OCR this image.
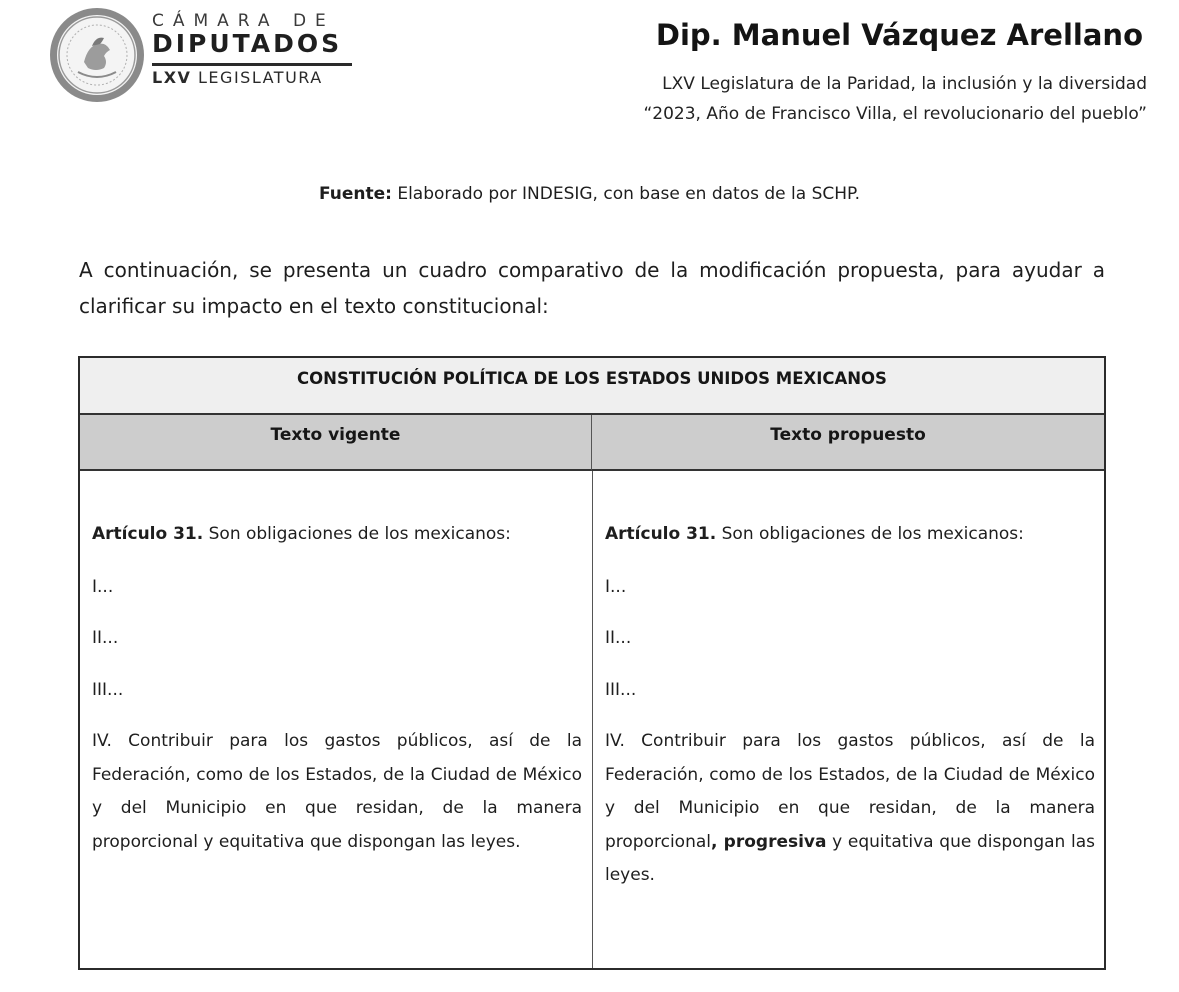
CÁMARA DE
DIPUTADOS
LXV LEGISLATURA
Dip. Manuel Vázquez Arellano
LXV Legislatura de la Paridad, la inclusión y la diversidad
“2023, Año de Francisco Villa, el revolucionario del pueblo”
Fuente: Elaborado por INDESIG, con base en datos de la SCHP.
A continuación, se presenta un cuadro comparativo de la modificación propuesta, para ayudar a clarificar su impacto en el texto constitucional:
CONSTITUCIÓN POLÍTICA DE LOS ESTADOS UNIDOS MEXICANOS
Texto vigente	Texto propuesto

Artículo 31. Son obligaciones de los mexicanos:

I...

II...

III...

IV. Contribuir para los gastos públicos, así de la Federación, como de los Estados, de la Ciudad de México y del Municipio en que residan, de la manera proporcional y equitativa que dispongan las leyes.

Artículo 31. Son obligaciones de los mexicanos:

I...

II...

III...

IV. Contribuir para los gastos públicos, así de la Federación, como de los Estados, de la Ciudad de México y del Municipio en que residan, de la manera proporcional, progresiva y equitativa que dispongan las leyes.
